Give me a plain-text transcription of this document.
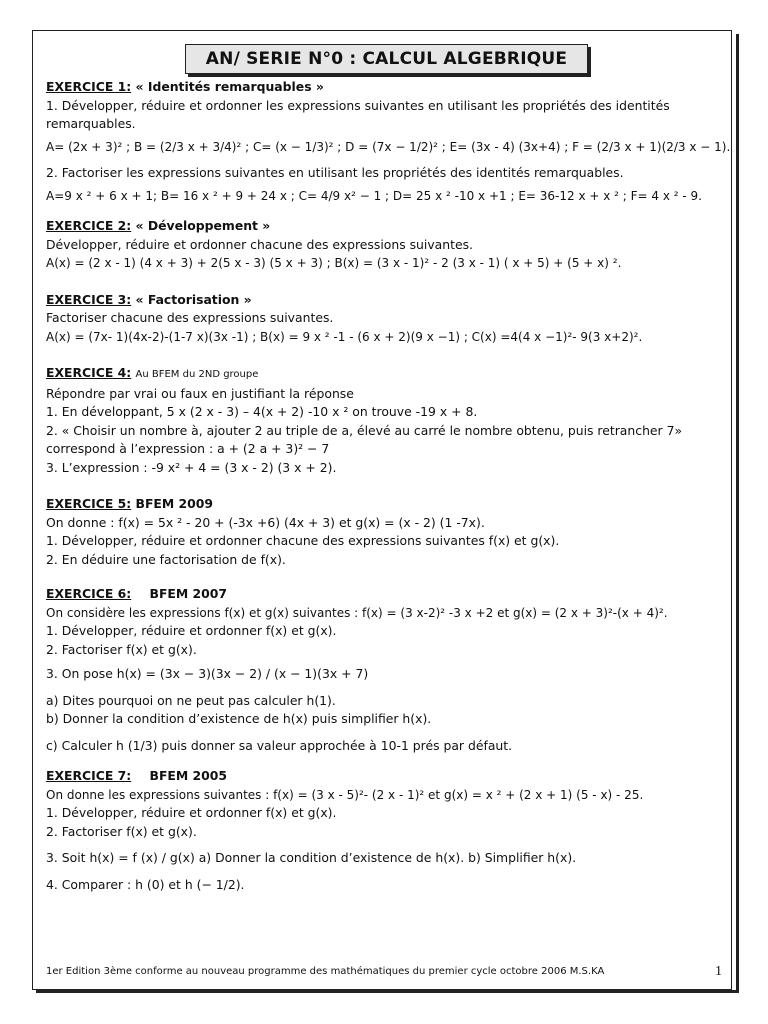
AN/ SERIE N°0 : CALCUL ALGEBRIQUE
EXERCICE 1: « Identités remarquables »
1. Développer, réduire et ordonner les expressions suivantes en utilisant les propriétés des identités remarquables.
A= (2x + 3)² ; B = (2/3 x + 3/4)² ; C= (x − 1/3)² ; D = (7x − 1/2)² ; E= (3x - 4) (3x+4) ; F = (2/3 x + 1)(2/3 x − 1).
2. Factoriser les expressions suivantes en utilisant les propriétés des identités remarquables.
A=9 x ² + 6 x + 1; B= 16 x ² + 9 + 24 x ; C= 4/9 x² − 1 ; D= 25 x ² -10 x +1 ; E= 36-12 x + x ² ; F= 4 x ² - 9.
EXERCICE 2: « Développement »
Développer, réduire et ordonner chacune des expressions suivantes.
A(x) = (2 x - 1) (4 x + 3) + 2(5 x - 3) (5 x + 3) ; B(x) = (3 x - 1)² - 2 (3 x - 1) ( x + 5) + (5 + x) ².
EXERCICE 3: « Factorisation »
Factoriser chacune des expressions suivantes.
A(x) = (7x- 1)(4x-2)-(1-7 x)(3x -1) ; B(x) = 9 x ² -1 - (6 x + 2)(9 x −1) ; C(x) =4(4 x −1)²- 9(3 x+2)².
EXERCICE 4: Au BFEM du 2ND groupe
Répondre par vrai ou faux en justifiant la réponse
1. En développant, 5 x (2 x - 3) – 4(x + 2) -10 x ² on trouve -19 x + 8.
2. « Choisir un nombre à, ajouter 2 au triple de a, élevé au carré le nombre obtenu, puis retrancher 7» correspond à l’expression : a + (2 a + 3)² − 7
3. L’expression : -9 x² + 4 = (3 x - 2) (3 x + 2).
EXERCICE 5: BFEM 2009
On donne : f(x) = 5x ² - 20 + (-3x +6) (4x + 3) et g(x) = (x - 2) (1 -7x).
1. Développer, réduire et ordonner chacune des expressions suivantes f(x) et g(x).
2. En déduire une factorisation de f(x).
EXERCICE 6: BFEM 2007
On considère les expressions f(x) et g(x) suivantes : f(x) = (3 x-2)² -3 x +2 et g(x) = (2 x + 3)²-(x + 4)².
1. Développer, réduire et ordonner f(x) et g(x).
2. Factoriser f(x) et g(x).
3. On pose h(x) = (3x − 3)(3x − 2) / (x − 1)(3x + 7)
a) Dites pourquoi on ne peut pas calculer h(1).
b) Donner la condition d’existence de h(x) puis simplifier h(x).
c) Calculer h (1/3) puis donner sa valeur approchée à 10-1 prés par défaut.
EXERCICE 7: BFEM 2005
On donne les expressions suivantes : f(x) = (3 x - 5)²- (2 x - 1)² et g(x) = x ² + (2 x + 1) (5 - x) - 25.
1. Développer, réduire et ordonner f(x) et g(x).
2. Factoriser f(x) et g(x).
3. Soit h(x) = f (x) / g(x) a) Donner la condition d’existence de h(x). b) Simplifier h(x).
4. Comparer : h (0) et h (− 1/2).
1er Edition 3ème conforme au nouveau programme des mathématiques du premier cycle octobre 2006 M.S.KA	1
